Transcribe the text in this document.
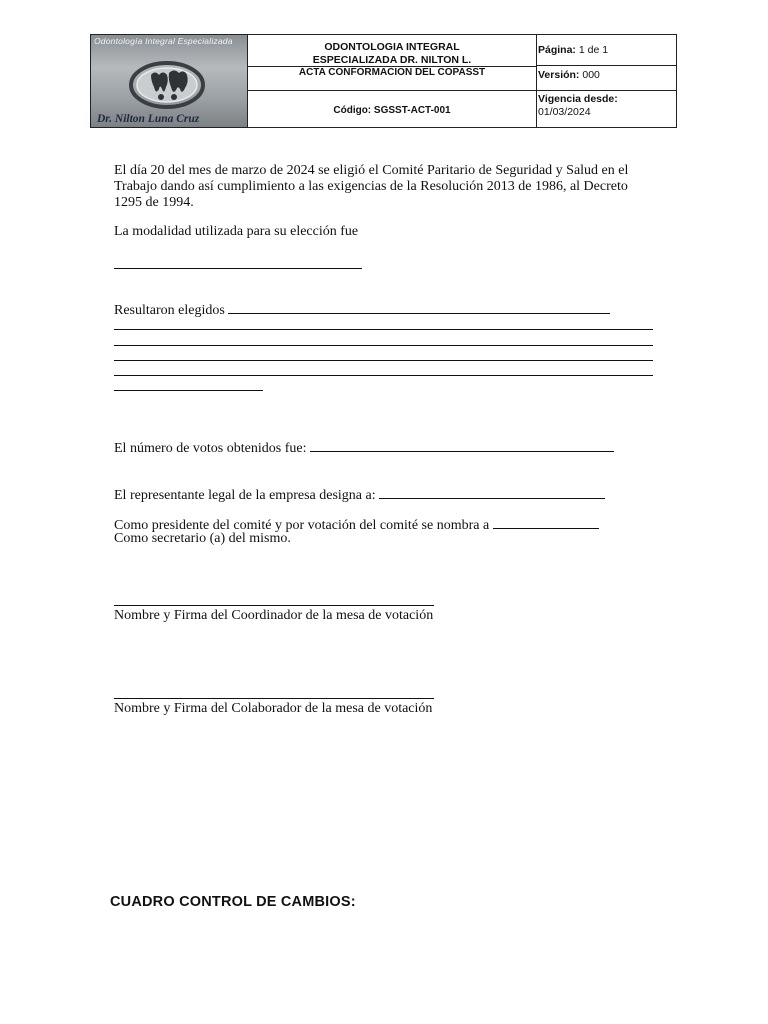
Odontología Integral Especializada
Dr. Nilton Luna Cruz
ODONTOLOGIA INTEGRAL
ESPECIALIZADA DR. NILTON L.
ACTA CONFORMACION DEL COPASST
Código: SGSST-ACT-001
Página: 1 de 1
Versión: 000
Vigencia desde:
01/03/2024
El día 20 del mes de marzo de 2024 se eligió el Comité Paritario de Seguridad y Salud en el Trabajo dando así cumplimiento a las exigencias de la Resolución 2013 de 1986, al Decreto 1295 de 1994.
La modalidad utilizada para su elección fue
Resultaron elegidos
El número de votos obtenidos fue:
El representante legal de la empresa designa a:
Como presidente del comité y por votación del comité se nombra a
Como secretario (a) del mismo.
Nombre y Firma del Coordinador de la mesa de votación
Nombre y Firma del Colaborador de la mesa de votación
CUADRO CONTROL DE CAMBIOS:
